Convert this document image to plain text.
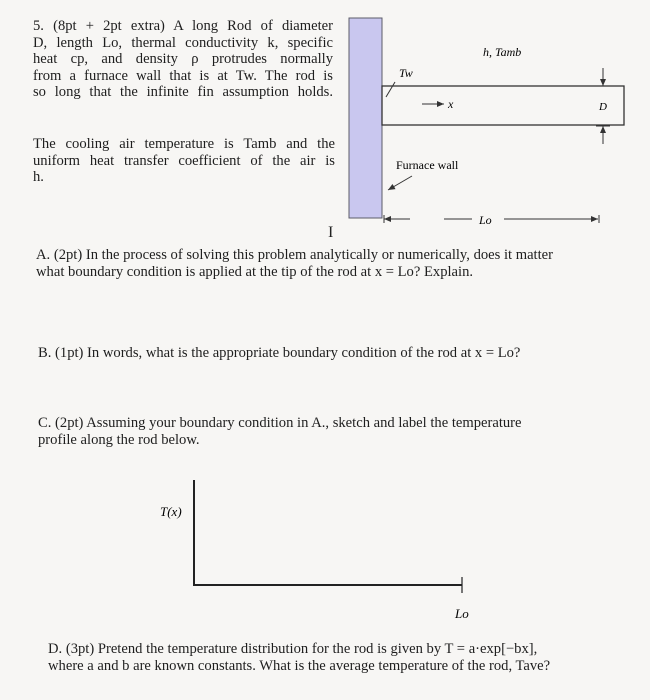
5. (8pt + 2pt extra) A long Rod of diameter
D, length Lo, thermal conductivity k, specific
heat cp, and density ρ protrudes normally
from a furnace wall that is at Tw. The rod is
so long that the infinite fin assumption holds.
The cooling air temperature is Tamb and the
uniform heat transfer coefficient of the air is
h.
Tw
h, Tamb
x	D
Furnace wall
Lo
I
A. (2pt) In the process of solving this problem analytically or numerically, does it matter
what boundary condition is applied at the tip of the rod at x = Lo? Explain.
B. (1pt) In words, what is the appropriate boundary condition of the rod at x = Lo?
C. (2pt) Assuming your boundary condition in A., sketch and label the temperature
profile along the rod below.
T(x)
Lo
D. (3pt) Pretend the temperature distribution for the rod is given by T = a·exp[−bx],
where a and b are known constants. What is the average temperature of the rod, Tave?
